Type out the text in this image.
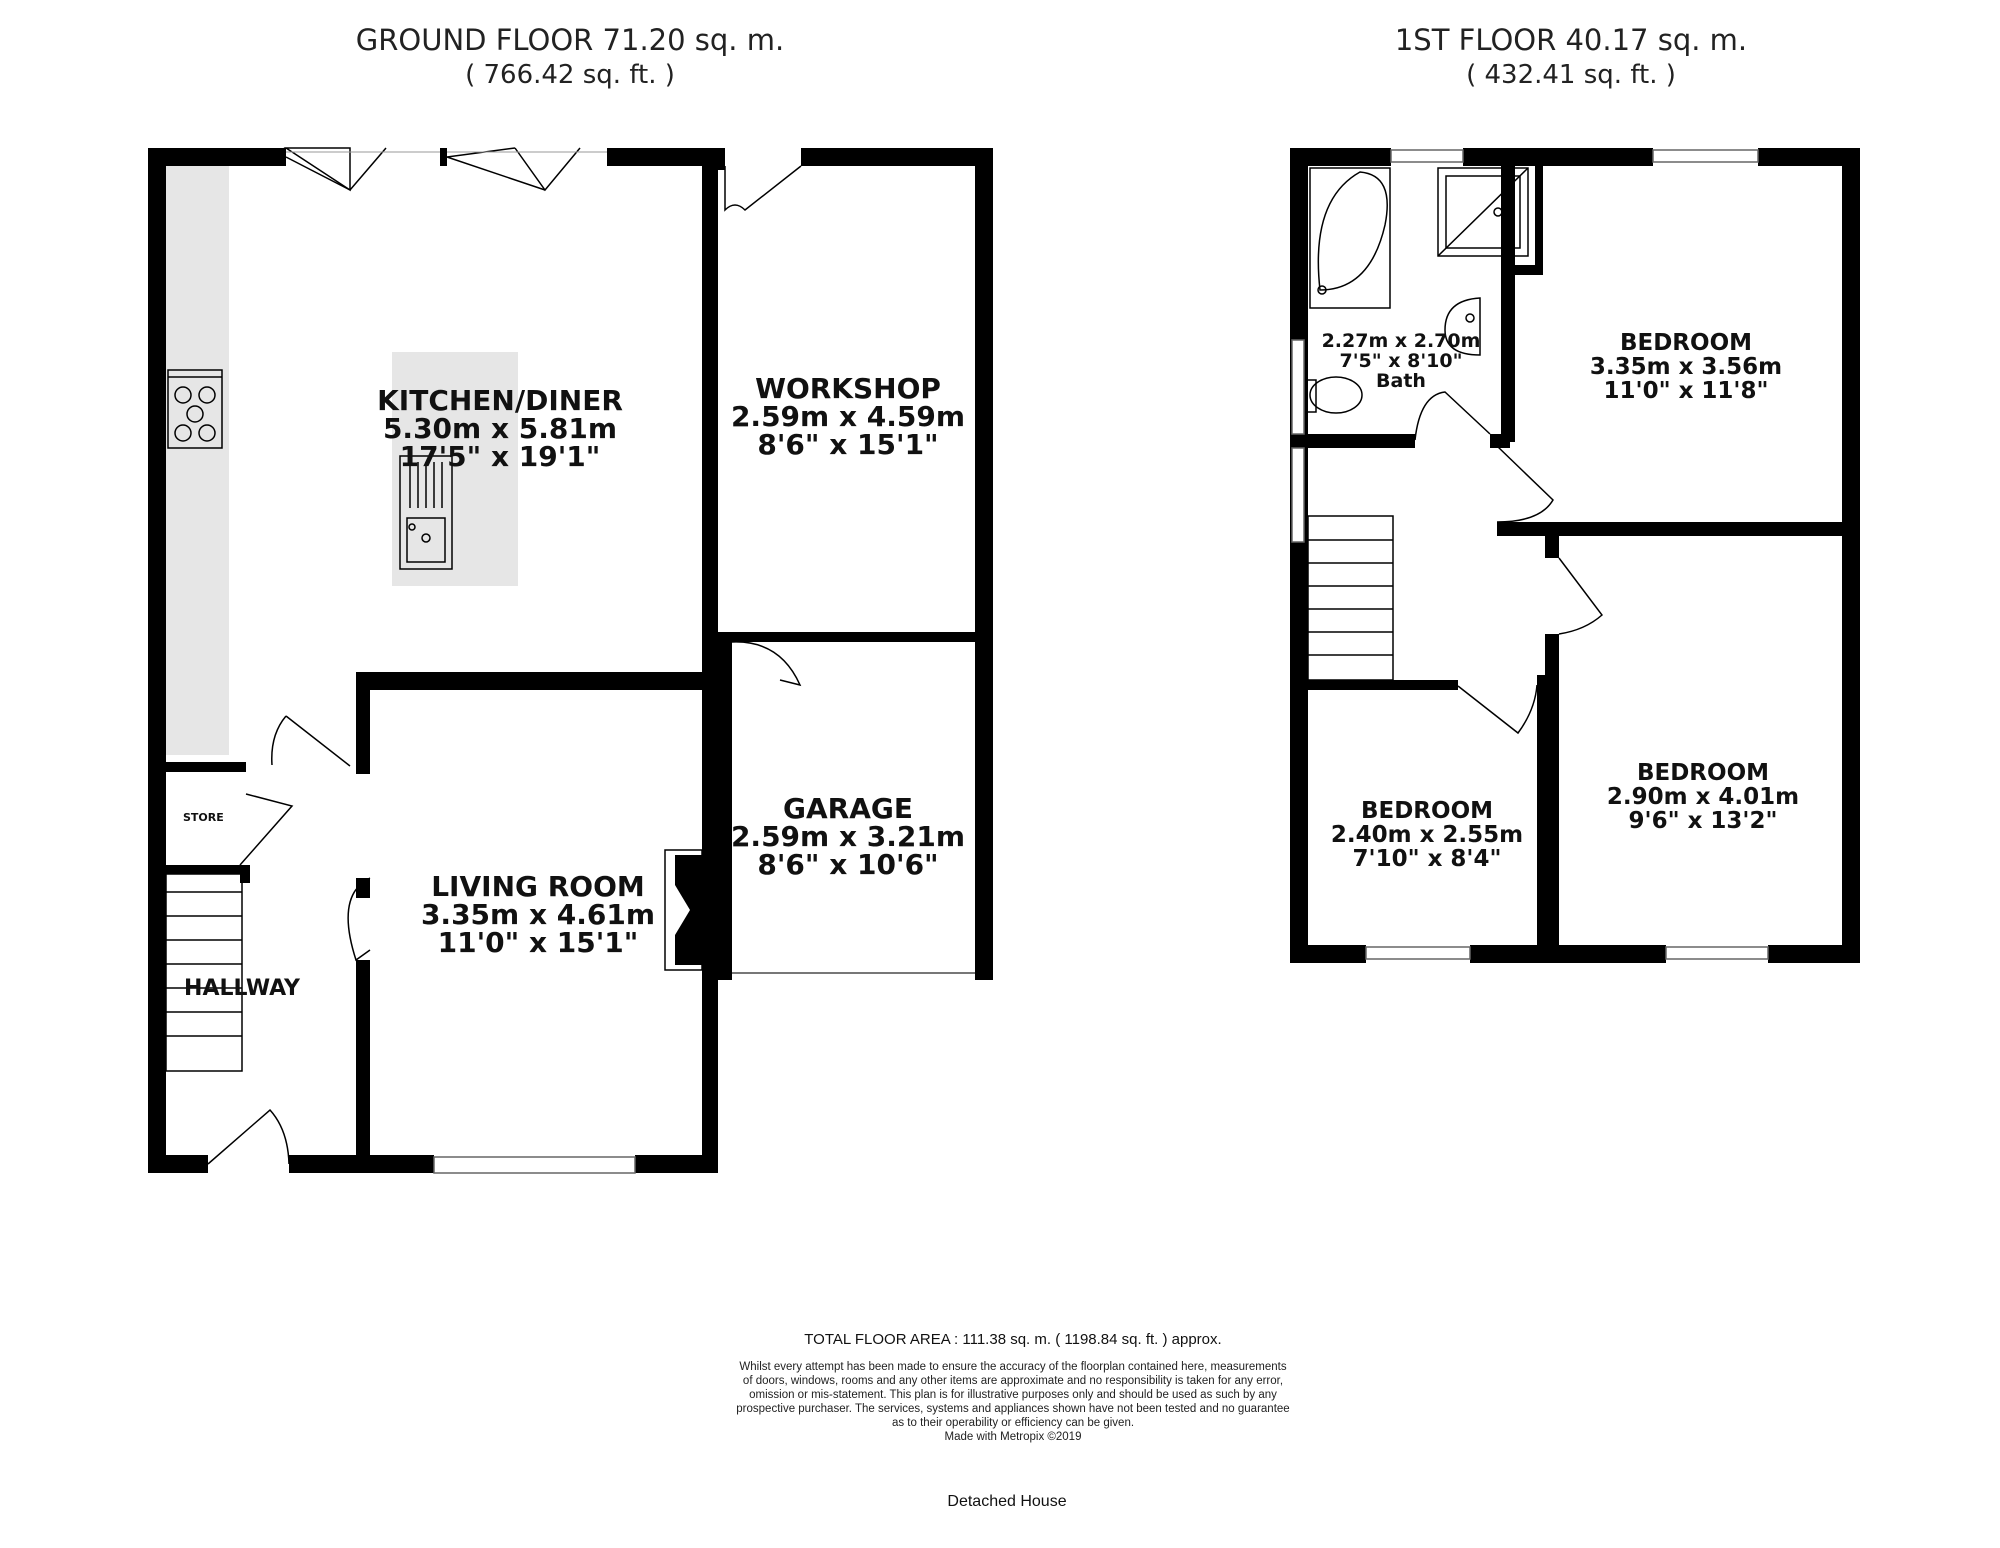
GROUND FLOOR 71.20 sq. m.
( 766.42 sq. ft. )
1ST FLOOR 40.17 sq. m.
( 432.41 sq. ft. )
KITCHEN/DINER
5.30m x 5.81m
17'5" x 19'1"
WORKSHOP
2.59m x 4.59m
8'6" x 15'1"
GARAGE
2.59m x 3.21m
8'6" x 10'6"
LIVING ROOM
3.35m x 4.61m
11'0" x 15'1"
HALLWAY
STORE
2.27m x 2.70m
7'5" x 8'10"
Bath
BEDROOM
3.35m x 3.56m
11'0" x 11'8"
BEDROOM
2.40m x 2.55m
7'10" x 8'4"
BEDROOM
2.90m x 4.01m
9'6" x 13'2"
TOTAL FLOOR AREA : 111.38 sq. m. ( 1198.84 sq. ft. ) approx.
Whilst every attempt has been made to ensure the accuracy of the floorplan contained here, measurements
of doors, windows, rooms and any other items are approximate and no responsibility is taken for any error,
omission or mis-statement. This plan is for illustrative purposes only and should be used as such by any
prospective purchaser. The services, systems and appliances shown have not been tested and no guarantee
as to their operability or efficiency can be given.
Made with Metropix ©2019
Detached House
